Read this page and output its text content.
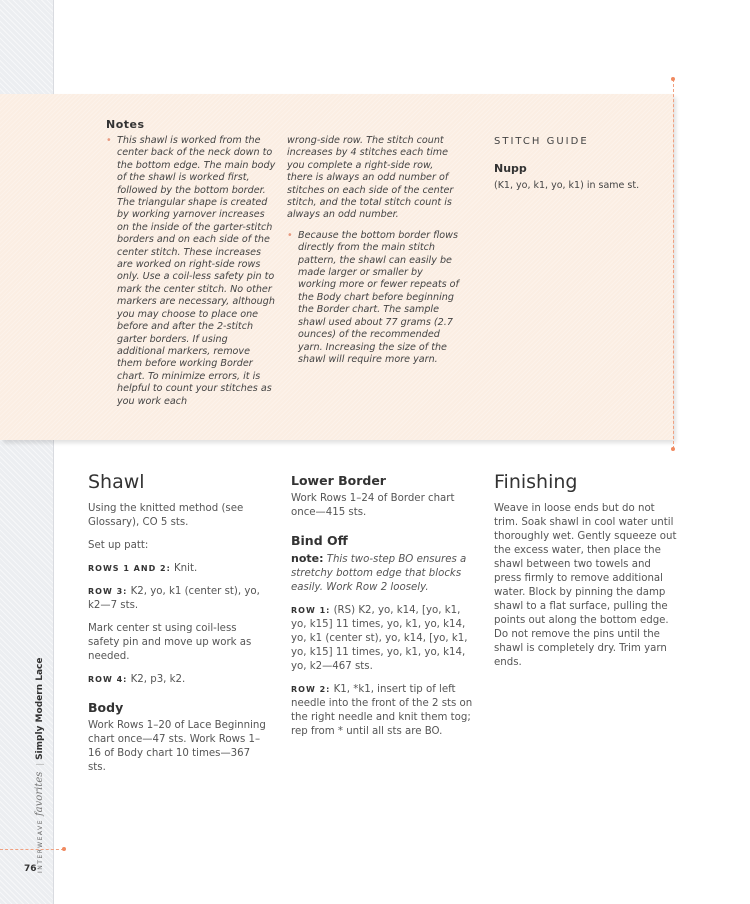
INTERWEAVEfavorites|Simply Modern Lace
76
Notes
• This shawl is worked from the center back of the neck down to the bottom edge. The main body of the shawl is worked first, followed by the bottom border. The triangular shape is created by working yarnover increases on the inside of the garter-stitch borders and on each side of the center stitch. These increases are worked on right-side rows only. Use a coil-less safety pin to mark the center stitch. No other markers are necessary, although you may choose to place one before and after the 2-stitch garter borders. If using additional markers, remove them before working Border chart. To minimize errors, it is helpful to count your stitches as you work each
wrong-side row. The stitch count increases by 4 stitches each time you complete a right-side row, there is always an odd number of stitches on each side of the center stitch, and the total stitch count is always an odd number.
• Because the bottom border flows directly from the main stitch pattern, the shawl can easily be made larger or smaller by working more or fewer repeats of the Body chart before beginning the Border chart. The sample shawl used about 77 grams (2.7 ounces) of the recommended yarn. Increasing the size of the shawl will require more yarn.
STITCH GUIDE
Nupp
(K1, yo, k1, yo, k1) in same st.
Shawl

Using the knitted method (see Glossary), CO 5 sts.

Set up patt:

ROWS 1 AND 2: Knit.

ROW 3: K2, yo, k1 (center st), yo, k2—7 sts.

Mark center st using coil-less safety pin and move up work as needed.

ROW 4: K2, p3, k2.

Body

Work Rows 1–20 of Lace Beginning chart once—47 sts. Work Rows 1–16 of Body chart 10 times—367 sts.

Lower Border

Work Rows 1–24 of Border chart once—415 sts.

Bind Off

note: This two-step BO ensures a stretchy bottom edge that blocks easily. Work Row 2 loosely.

ROW 1: (RS) K2, yo, k14, [yo, k1, yo, k15] 11 times, yo, k1, yo, k14, yo, k1 (center st), yo, k14, [yo, k1, yo, k15] 11 times, yo, k1, yo, k14, yo, k2—467 sts.

ROW 2: K1, *k1, insert tip of left needle into the front of the 2 sts on the right needle and knit them tog; rep from * until all sts are BO.

Finishing

Weave in loose ends but do not trim. Soak shawl in cool water until thoroughly wet. Gently squeeze out the excess water, then place the shawl between two towels and press firmly to remove additional water. Block by pinning the damp shawl to a flat surface, pulling the points out along the bottom edge. Do not remove the pins until the shawl is completely dry. Trim yarn ends.
